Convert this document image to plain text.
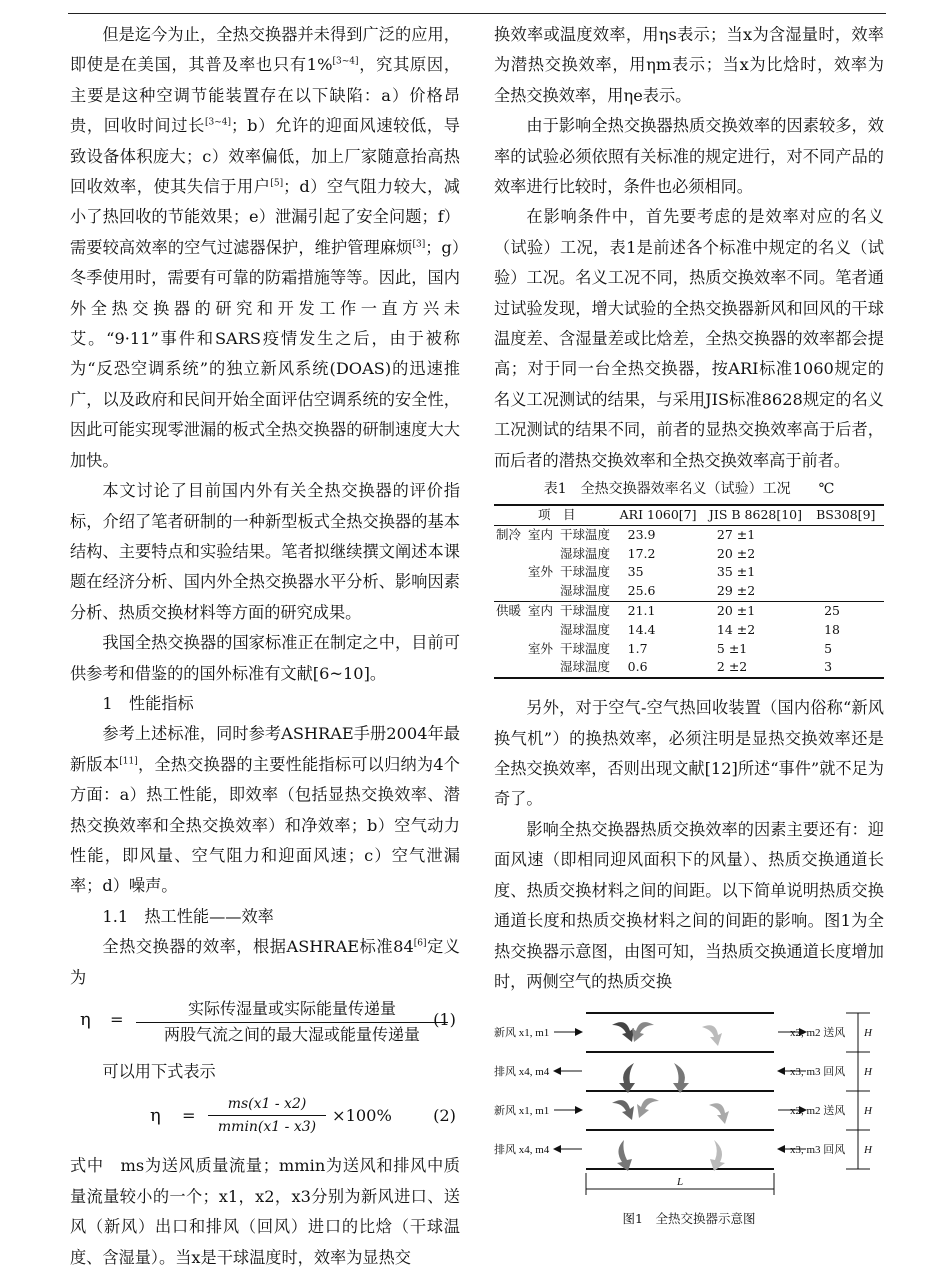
但是迄今为止，全热交换器并未得到广泛的应用，即使是在美国，其普及率也只有1%[3~4]，究其原因，主要是这种空调节能装置存在以下缺陷：a）价格昂贵，回收时间过长[3~4]；b）允许的迎面风速较低，导致设备体积庞大；c）效率偏低，加上厂家随意抬高热回收效率，使其失信于用户[5]；d）空气阻力较大，减小了热回收的节能效果；e）泄漏引起了安全问题；f）需要较高效率的空气过滤器保护，维护管理麻烦[3]；g）冬季使用时，需要有可靠的防霜措施等等。因此，国内外全热交换器的研究和开发工作一直方兴未艾。“9·11”事件和SARS疫情发生之后，由于被称为“反恐空调系统”的独立新风系统(DOAS)的迅速推广，以及政府和民间开始全面评估空调系统的安全性，因此可能实现零泄漏的板式全热交换器的研制速度大大加快。

本文讨论了目前国内外有关全热交换器的评价指标，介绍了笔者研制的一种新型板式全热交换器的基本结构、主要特点和实验结果。笔者拟继续撰文阐述本课题在经济分析、国内外全热交换器水平分析、影响因素分析、热质交换材料等方面的研究成果。

我国全热交换器的国家标准正在制定之中，目前可供参考和借鉴的的国外标准有文献[6~10]。

1　性能指标

参考上述标准，同时参考ASHRAE手册2004年最新版本[11]，全热交换器的主要性能指标可以归纳为4个方面：a）热工性能，即效率（包括显热交换效率、潜热交换效率和全热交换效率）和净效率；b）空气动力性能，即风量、空气阻力和迎面风速；c）空气泄漏率；d）噪声。

1.1　热工性能——效率

全热交换器的效率，根据ASHRAE标准84[6]定义为

η =
实际传湿量或实际能量传递量
两股气流之间的最大湿或能量传递量
(1)

可以用下式表示

η =
ms(x1 - x2)
mmin(x1 - x3)
×100%	(2)

式中　ms为送风质量流量；mmin为送风和排风中质量流量较小的一个；x1，x2，x3分别为新风进口、送风（新风）出口和排风（回风）进口的比焓（干球温度、含湿量）。当x是干球温度时，效率为显热交

换效率或温度效率，用ηs表示；当x为含湿量时，效率为潜热交换效率，用ηm表示；当x为比焓时，效率为全热交换效率，用ηe表示。

由于影响全热交换器热质交换效率的因素较多，效率的试验必须依照有关标准的规定进行，对不同产品的效率进行比较时，条件也必须相同。

在影响条件中，首先要考虑的是效率对应的名义（试验）工况，表1是前述各个标准中规定的名义（试验）工况。名义工况不同，热质交换效率不同。笔者通过试验发现，增大试验的全热交换器新风和回风的干球温度差、含湿量差或比焓差，全热交换器的效率都会提高；对于同一台全热交换器，按ARI标准1060规定的名义工况测试的结果，与采用JIS标准8628规定的名义工况测试的结果不同，前者的显热交换效率高于后者，而后者的潜热交换效率和全热交换效率高于前者。

表1　全热交换器效率名义（试验）工况　　℃
项　目			ARI 1060[7]	JIS B 8628[10]	BS308[9]
制冷	室内	干球温度	23.9	27 ±1	
		湿球温度	17.2	20 ±2	
	室外	干球温度	35	35 ±1	
		湿球温度	25.6	29 ±2	
供暖	室内	干球温度	21.1	20 ±1	25
		湿球温度	14.4	14 ±2	18
	室外	干球温度	1.7	5 ±1	5
		湿球温度	0.6	2 ±2	3

另外，对于空气-空气热回收装置（国内俗称“新风换气机”）的换热效率，必须注明是显热交换效率还是全热交换效率，否则出现文献[12]所述“事件”就不足为奇了。

影响全热交换器热质交换效率的因素主要还有：迎面风速（即相同迎风面积下的风量）、热质交换通道长度、热质交换材料之间的间距。以下简单说明热质交换通道长度和热质交换材料之间的间距的影响。图1为全热交换器示意图，由图可知，当热质交换通道长度增加时，两侧空气的热质交换

新风 x1, m1
排风 x4, m4
新风 x1, m1
排风 x4, m4
x2, m2 送风
x3, m3 回风
x2, m2 送风
x3, m3 回风
H
H
H
H
L
图1　全热交换器示意图
